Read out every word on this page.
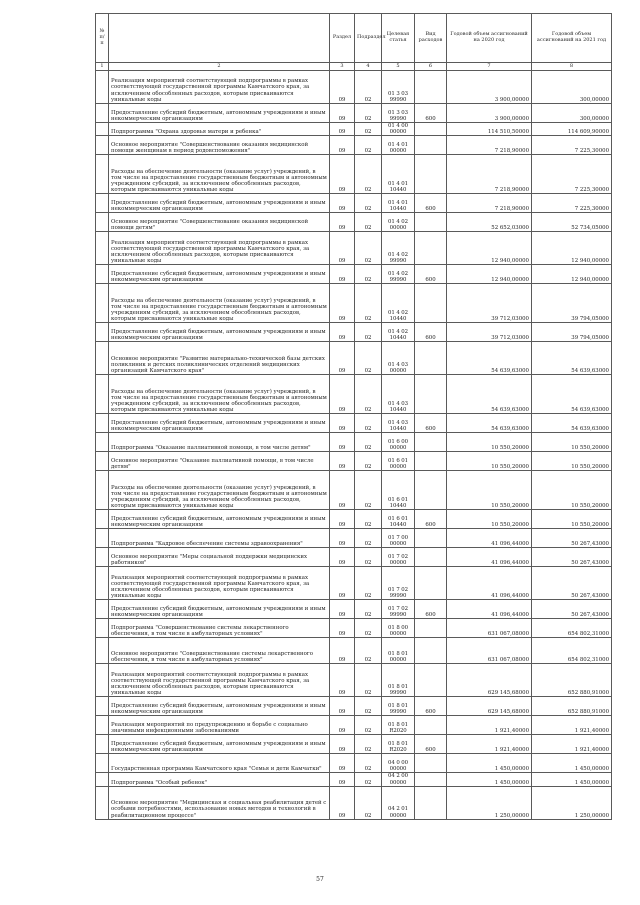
№ п/п		Раздел	Подраздел	Целевая статья	Вид расходов	Годовой объем ассигнований на 2020 год	Годовой объем ассигнований на 2021 год
1	2	3	4	5	6	7	8
	Реализация мероприятий соответствующей подпрограммы в рамках соответствующей государственной программы Камчатского края, за исключением обособленных расходов, которым присваиваются уникальные коды	09	02	01 3 03 99990		3 900,00000	300,00000
	Предоставление субсидий бюджетным, автономным учреждениям и иным некоммерческим организациям	09	02	01 3 03 99990	600	3 900,00000	300,00000
	Подпрограмма "Охрана здоровья матери и ребенка"	09	02	01 4 00 00000		114 510,50000	114 609,90000
	Основное мероприятие "Совершенствование оказания медицинской помощи женщинам в период родовспоможения"	09	02	01 4 01 00000		7 218,90000	7 225,30000
	Расходы на обеспечение деятельности (оказание услуг) учреждений, в том числе на предоставление государственным бюджетным и автономным учреждениям субсидий, за исключением обособленных расходов, которым присваиваются уникальные коды	09	02	01 4 01 10440		7 218,90000	7 225,30000
	Предоставление субсидий бюджетным, автономным учреждениям и иным некоммерческим организациям	09	02	01 4 01 10440	600	7 218,90000	7 225,30000
	Основное мероприятие "Совершенствование оказания медицинской помощи детям"	09	02	01 4 02 00000		52 652,03000	52 734,05000
	Реализация мероприятий соответствующей подпрограммы в рамках соответствующей государственной программы Камчатского края, за исключением обособленных расходов, которым присваиваются уникальные коды	09	02	01 4 02 99990		12 940,00000	12 940,00000
	Предоставление субсидий бюджетным, автономным учреждениям и иным некоммерческим организациям	09	02	01 4 02 99990	600	12 940,00000	12 940,00000
	Расходы на обеспечение деятельности (оказание услуг) учреждений, в том числе на предоставление государственным бюджетным и автономным учреждениям субсидий, за исключением обособленных расходов, которым присваиваются уникальные коды	09	02	01 4 02 10440		39 712,03000	39 794,05000
	Предоставление субсидий бюджетным, автономным учреждениям и иным некоммерческим организациям	09	02	01 4 02 10440	600	39 712,03000	39 794,05000
	Основное мероприятие "Развитие материально-технической базы детских поликлиник и детских поликлинических отделений медицинских организаций Камчатского края"	09	02	01 4 03 00000		54 639,63000	54 639,63000
	Расходы на обеспечение деятельности (оказание услуг) учреждений, в том числе на предоставление государственным бюджетным и автономным учреждениям субсидий, за исключением обособленных расходов, которым присваиваются уникальные коды	09	02	01 4 03 10440		54 639,63000	54 639,63000
	Предоставление субсидий бюджетным, автономным учреждениям и иным некоммерческим организациям	09	02	01 4 03 10440	600	54 639,63000	54 639,63000
	Подпрограмма "Оказание паллиативной помощи, в том числе детям"	09	02	01 6 00 00000		10 550,20000	10 550,20000
	Основное мероприятие "Оказание паллиативной помощи, в том числе детям"	09	02	01 6 01 00000		10 550,20000	10 550,20000
	Расходы на обеспечение деятельности (оказание услуг) учреждений, в том числе на предоставление государственным бюджетным и автономным учреждениям субсидий, за исключением обособленных расходов, которым присваиваются уникальные коды	09	02	01 6 01 10440		10 550,20000	10 550,20000
	Предоставление субсидий бюджетным, автономным учреждениям и иным некоммерческим организациям	09	02	01 6 01 10440	600	10 550,20000	10 550,20000
	Подпрограмма "Кадровое обеспечение системы здравоохранения"	09	02	01 7 00 00000		41 096,44000	50 267,43000
	Основное мероприятие "Меры социальной поддержки медицинских работников"	09	02	01 7 02 00000		41 096,44000	50 267,43000
	Реализация мероприятий соответствующей подпрограммы в рамках соответствующей государственной программы Камчатского края, за исключением обособленных расходов, которым присваиваются уникальные коды	09	02	01 7 02 99990		41 096,44000	50 267,43000
	Предоставление субсидий бюджетным, автономным учреждениям и иным некоммерческим организациям	09	02	01 7 02 99990	600	41 096,44000	50 267,43000
	Подпрограмма "Совершенствование системы лекарственного обеспечения, в том числе в амбулаторных условиях"	09	02	01 8 00 00000		631 067,08000	654 802,31000
	Основное мероприятие "Совершенствование системы лекарственного обеспечения, в том числе в амбулаторных условиях"	09	02	01 8 01 00000		631 067,08000	654 802,31000
	Реализация мероприятий соответствующей подпрограммы в рамках соответствующей государственной программы Камчатского края, за исключением обособленных расходов, которым присваиваются уникальные коды	09	02	01 8 01 99990		629 145,68000	652 880,91000
	Предоставление субсидий бюджетным, автономным учреждениям и иным некоммерческим организациям	09	02	01 8 01 99990	600	629 145,68000	652 880,91000
	Реализация мероприятий по предупреждению и борьбе с социально значимыми инфекционными заболеваниями	09	02	01 8 01 R2020		1 921,40000	1 921,40000
	Предоставление субсидий бюджетным, автономным учреждениям и иным некоммерческим организациям	09	02	01 8 01 R2020	600	1 921,40000	1 921,40000
	Государственная программа Камчатского края "Семья и дети Камчатки"	09	02	04 0 00 00000		1 450,00000	1 450,00000
	Подпрограмма "Особый ребенок"	09	02	04 2 00 00000		1 450,00000	1 450,00000
	Основное мероприятие "Медицинская и социальная реабилитация детей с особыми потребностями, использование новых методов и технологий в реабилитационном процессе"	09	02	04 2 01 00000		1 250,00000	1 250,00000
57
